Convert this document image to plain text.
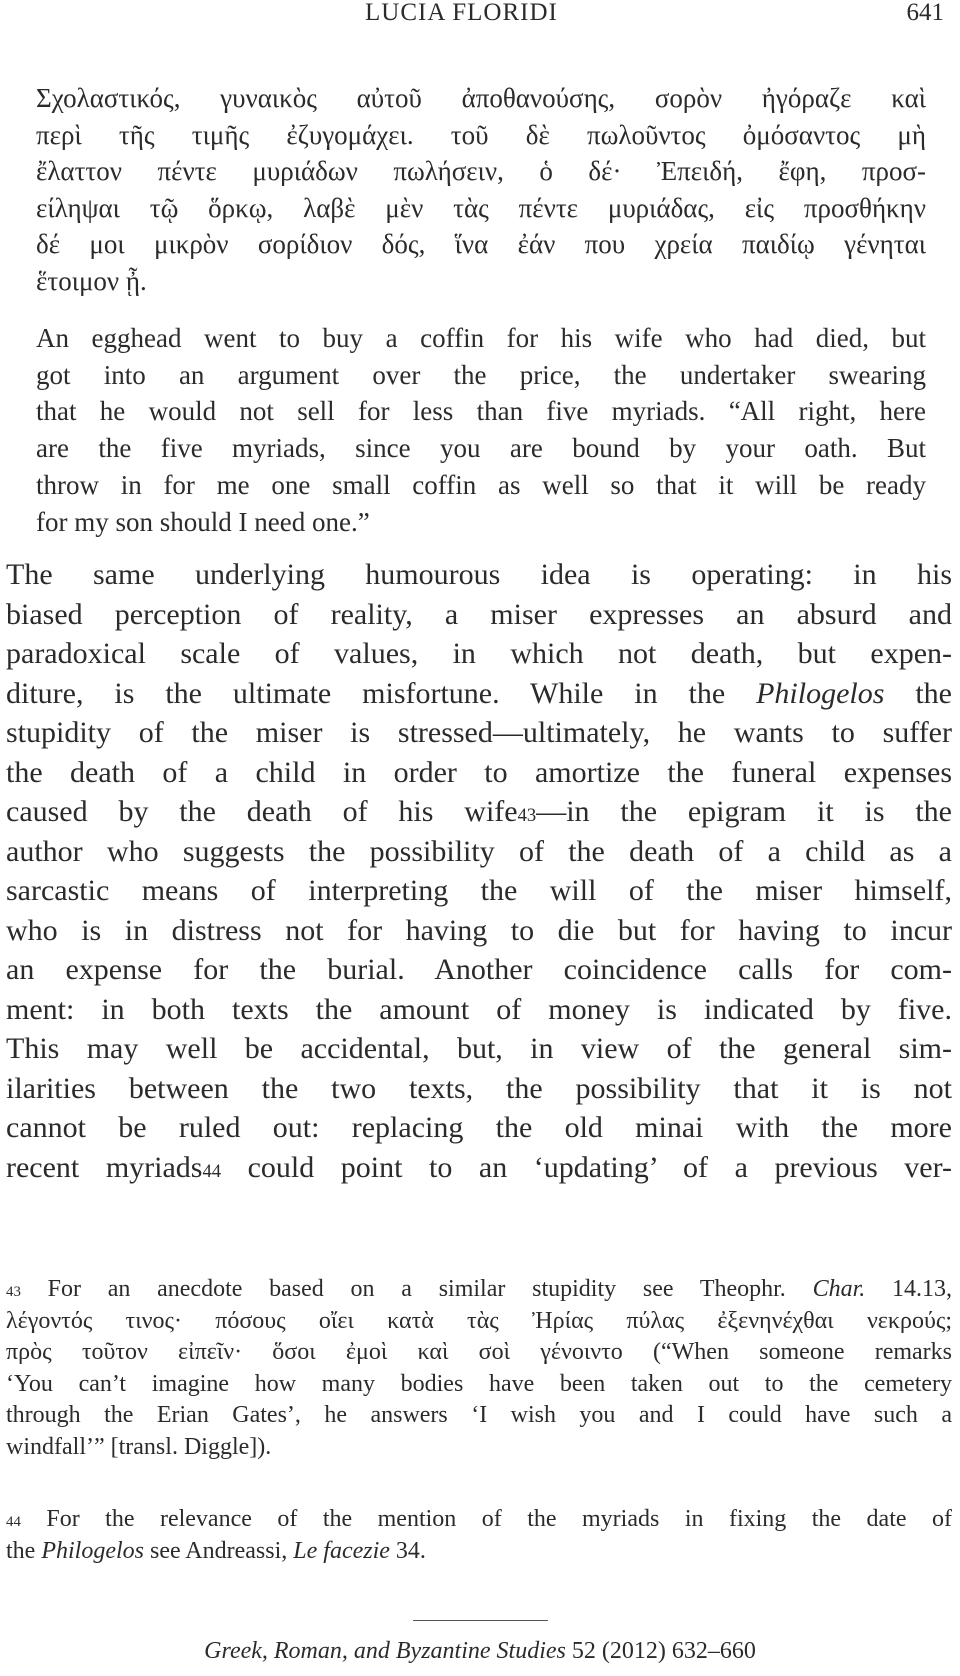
LUCIA FLORIDI	641
Σχολαστικός, γυναικὸς αὐτοῦ ἀποθανούσης, σορὸν ἠγόραζε καὶ
περὶ τῆς τιμῆς ἐζυγομάχει. τοῦ δὲ πωλοῦντος ὀμόσαντος μὴ
ἔλαττον πέντε μυριάδων πωλήσειν, ὁ δέ· Ἐπειδή, ἔφη, προσ-
είληψαι τῷ ὅρκῳ, λαβὲ μὲν τὰς πέντε μυριάδας, εἰς προσθήκην
δέ μοι μικρὸν σορίδιον δός, ἵνα ἐάν που χρεία παιδίῳ γένηται
ἕτοιμον ᾖ.
An egghead went to buy a coffin for his wife who had died, but
got into an argument over the price, the undertaker swearing
that he would not sell for less than five myriads. “All right, here
are the five myriads, since you are bound by your oath. But
throw in for me one small coffin as well so that it will be ready
for my son should I need one.”
The same underlying humourous idea is operating: in his
biased perception of reality, a miser expresses an absurd and
paradoxical scale of values, in which not death, but expen-
diture, is the ultimate misfortune. While in the Philogelos the
stupidity of the miser is stressed—ultimately, he wants to suffer
the death of a child in order to amortize the funeral expenses
caused by the death of his wife$^{43}$—in the epigram it is the
author who suggests the possibility of the death of a child as a
sarcastic means of interpreting the will of the miser himself,
who is in distress not for having to die but for having to incur
an expense for the burial. Another coincidence calls for com-
ment: in both texts the amount of money is indicated by five.
This may well be accidental, but, in view of the general sim-
ilarities between the two texts, the possibility that it is not
cannot be ruled out: replacing the old minai with the more
recent myriads$^{44}$ could point to an ‘updating’ of a previous ver-
$^{43}$ For an anecdote based on a similar stupidity see Theophr. Char. 14.13,
λέγοντός τινος· πόσους οἴει κατὰ τὰς Ἠρίας πύλας ἐξενηνέχθαι νεκρούς;
πρὸς τοῦτον εἰπεῖν· ὅσοι ἐμοὶ καὶ σοὶ γένοιντο (“When someone remarks
‘You can’t imagine how many bodies have been taken out to the cemetery
through the Erian Gates’, he answers ‘I wish you and I could have such a
windfall’” [transl. Diggle]).
$^{44}$ For the relevance of the mention of the myriads in fixing the date of
the Philogelos see Andreassi, Le facezie 34.
Greek, Roman, and Byzantine Studies 52 (2012) 632–660
